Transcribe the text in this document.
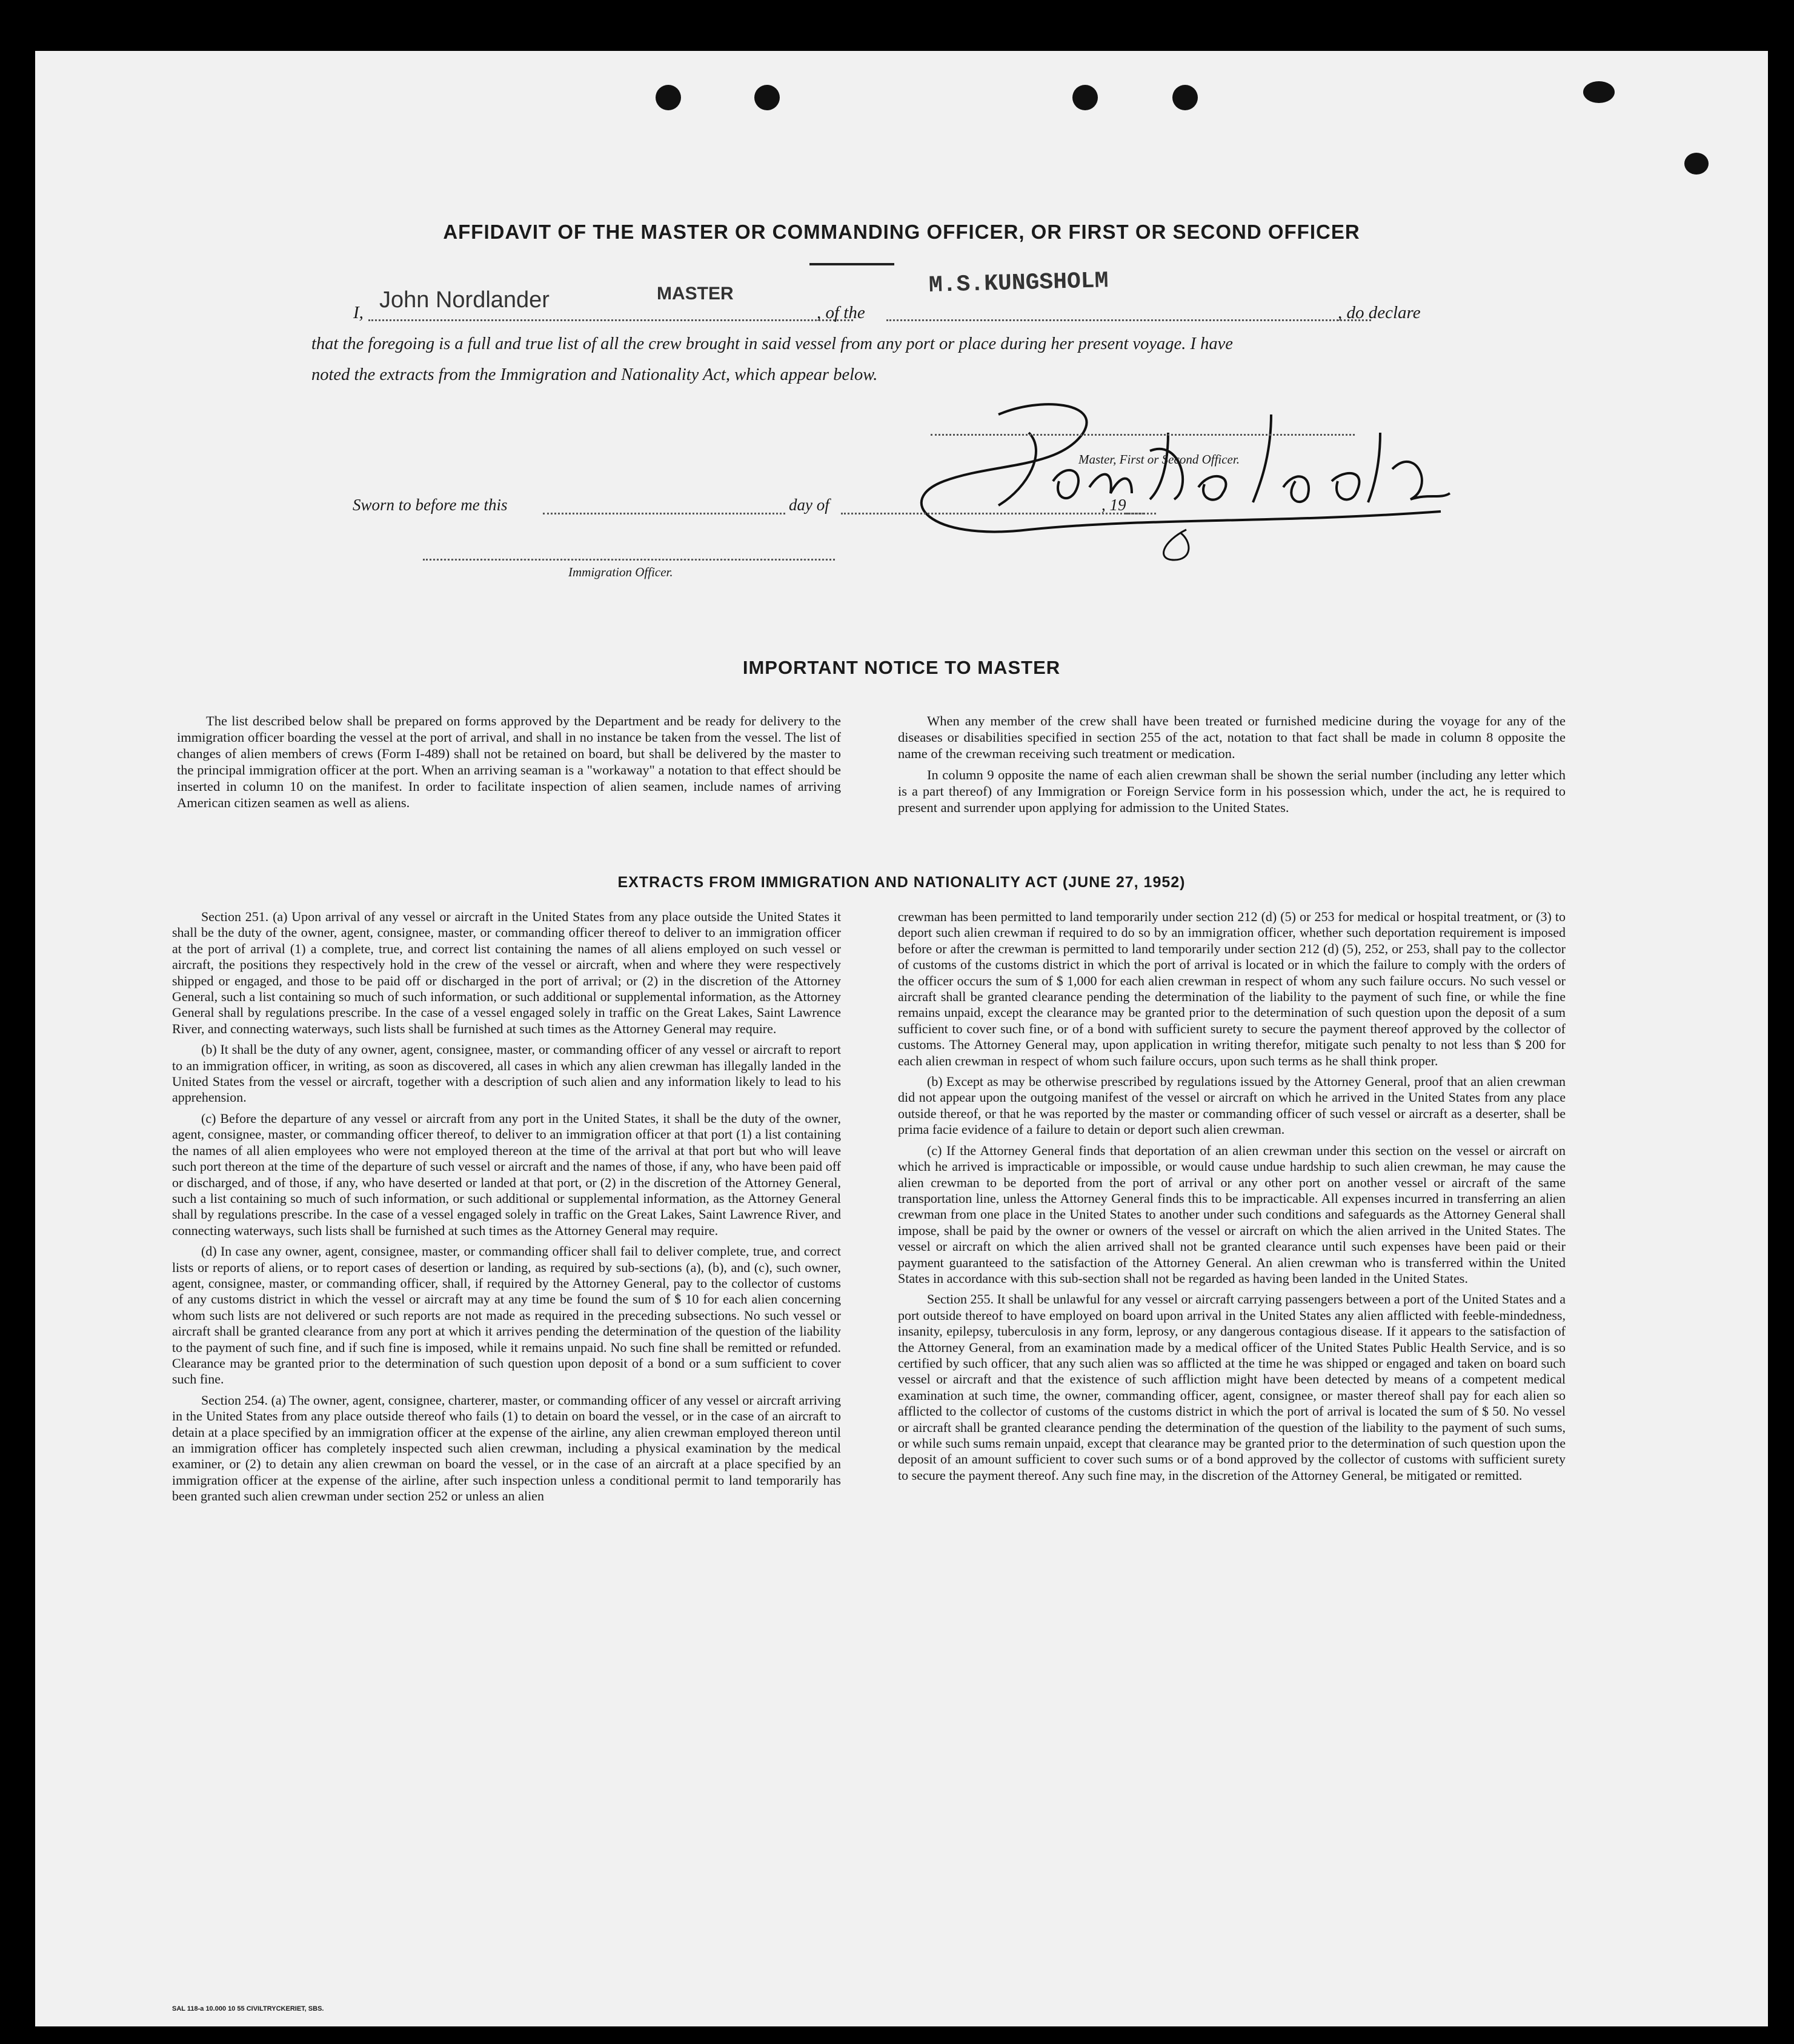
AFFIDAVIT OF THE MASTER OR COMMANDING OFFICER, OR FIRST OR SECOND OFFICER
I, John Nordlander	MASTER
, of the
M.S.KUNGSHOLM
, do declare
that the foregoing is a full and true list of all the crew brought in said vessel from any port or place during her present voyage. I have
noted the extracts from the Immigration and Nationality Act, which appear below.
Master, First or Second Officer.
Sworn to before me this	day of	, 19
Immigration Officer.
IMPORTANT NOTICE TO MASTER

The list described below shall be prepared on forms approved by the Department and be ready for delivery to the immigration officer boarding the vessel at the port of arrival, and shall in no instance be taken from the vessel. The list of changes of alien members of crews (Form I-489) shall not be retained on board, but shall be delivered by the master to the principal immigration officer at the port. When an arriving seaman is a "workaway" a notation to that effect should be inserted in column 10 on the manifest. In order to facilitate inspection of alien seamen, include names of arriving American citizen seamen as well as aliens.

When any member of the crew shall have been treated or furnished medicine during the voyage for any of the diseases or disabilities specified in section 255 of the act, notation to that fact shall be made in column 8 opposite the name of the crewman receiving such treatment or medication.

In column 9 opposite the name of each alien crewman shall be shown the serial number (including any letter which is a part thereof) of any Immigration or Foreign Service form in his possession which, under the act, he is required to present and surrender upon applying for admission to the United States.

EXTRACTS FROM IMMIGRATION AND NATIONALITY ACT (JUNE 27, 1952)

Section 251. (a) Upon arrival of any vessel or aircraft in the United States from any place outside the United States it shall be the duty of the owner, agent, consignee, master, or commanding officer thereof to deliver to an immigration officer at the port of arrival (1) a complete, true, and correct list containing the names of all aliens employed on such vessel or aircraft, the positions they respectively hold in the crew of the vessel or aircraft, when and where they were respectively shipped or engaged, and those to be paid off or discharged in the port of arrival; or (2) in the discretion of the Attorney General, such a list containing so much of such information, or such additional or supplemental information, as the Attorney General shall by regulations prescribe. In the case of a vessel engaged solely in traffic on the Great Lakes, Saint Lawrence River, and connecting waterways, such lists shall be furnished at such times as the Attorney General may require.

(b) It shall be the duty of any owner, agent, consignee, master, or commanding officer of any vessel or aircraft to report to an immigration officer, in writing, as soon as discovered, all cases in which any alien crewman has illegally landed in the United States from the vessel or aircraft, together with a description of such alien and any information likely to lead to his apprehension.

(c) Before the departure of any vessel or aircraft from any port in the United States, it shall be the duty of the owner, agent, consignee, master, or commanding officer thereof, to deliver to an immigration officer at that port (1) a list containing the names of all alien employees who were not employed thereon at the time of the arrival at that port but who will leave such port thereon at the time of the departure of such vessel or aircraft and the names of those, if any, who have been paid off or discharged, and of those, if any, who have deserted or landed at that port, or (2) in the discretion of the Attorney General, such a list containing so much of such information, or such additional or supplemental information, as the Attorney General shall by regulations prescribe. In the case of a vessel engaged solely in traffic on the Great Lakes, Saint Lawrence River, and connecting waterways, such lists shall be furnished at such times as the Attorney General may require.

(d) In case any owner, agent, consignee, master, or commanding officer shall fail to deliver complete, true, and correct lists or reports of aliens, or to report cases of desertion or landing, as required by sub-sections (a), (b), and (c), such owner, agent, consignee, master, or commanding officer, shall, if required by the Attorney General, pay to the collector of customs of any customs district in which the vessel or aircraft may at any time be found the sum of $ 10 for each alien concerning whom such lists are not delivered or such reports are not made as required in the preceding subsections. No such vessel or aircraft shall be granted clearance from any port at which it arrives pending the determination of the question of the liability to the payment of such fine, and if such fine is imposed, while it remains unpaid. No such fine shall be remitted or refunded. Clearance may be granted prior to the determination of such question upon deposit of a bond or a sum sufficient to cover such fine.

Section 254. (a) The owner, agent, consignee, charterer, master, or commanding officer of any vessel or aircraft arriving in the United States from any place outside thereof who fails (1) to detain on board the vessel, or in the case of an aircraft to detain at a place specified by an immigration officer at the expense of the airline, any alien crewman employed thereon until an immigration officer has completely inspected such alien crewman, including a physical examination by the medical examiner, or (2) to detain any alien crewman on board the vessel, or in the case of an aircraft at a place specified by an immigration officer at the expense of the airline, after such inspection unless a conditional permit to land temporarily has been granted such alien crewman under section 252 or unless an alien

crewman has been permitted to land temporarily under section 212 (d) (5) or 253 for medical or hospital treatment, or (3) to deport such alien crewman if required to do so by an immigration officer, whether such deportation requirement is imposed before or after the crewman is permitted to land temporarily under section 212 (d) (5), 252, or 253, shall pay to the collector of customs of the customs district in which the port of arrival is located or in which the failure to comply with the orders of the officer occurs the sum of $ 1,000 for each alien crewman in respect of whom any such failure occurs. No such vessel or aircraft shall be granted clearance pending the determination of the liability to the payment of such fine, or while the fine remains unpaid, except the clearance may be granted prior to the determination of such question upon the deposit of a sum sufficient to cover such fine, or of a bond with sufficient surety to secure the payment thereof approved by the collector of customs. The Attorney General may, upon application in writing therefor, mitigate such penalty to not less than $ 200 for each alien crewman in respect of whom such failure occurs, upon such terms as he shall think proper.

(b) Except as may be otherwise prescribed by regulations issued by the Attorney General, proof that an alien crewman did not appear upon the outgoing manifest of the vessel or aircraft on which he arrived in the United States from any place outside thereof, or that he was reported by the master or commanding officer of such vessel or aircraft as a deserter, shall be prima facie evidence of a failure to detain or deport such alien crewman.

(c) If the Attorney General finds that deportation of an alien crewman under this section on the vessel or aircraft on which he arrived is impracticable or impossible, or would cause undue hardship to such alien crewman, he may cause the alien crewman to be deported from the port of arrival or any other port on another vessel or aircraft of the same transportation line, unless the Attorney General finds this to be impracticable. All expenses incurred in transferring an alien crewman from one place in the United States to another under such conditions and safeguards as the Attorney General shall impose, shall be paid by the owner or owners of the vessel or aircraft on which the alien arrived in the United States. The vessel or aircraft on which the alien arrived shall not be granted clearance until such expenses have been paid or their payment guaranteed to the satisfaction of the Attorney General. An alien crewman who is transferred within the United States in accordance with this sub-section shall not be regarded as having been landed in the United States.

Section 255. It shall be unlawful for any vessel or aircraft carrying passengers between a port of the United States and a port outside thereof to have employed on board upon arrival in the United States any alien afflicted with feeble-mindedness, insanity, epilepsy, tuberculosis in any form, leprosy, or any dangerous contagious disease. If it appears to the satisfaction of the Attorney General, from an examination made by a medical officer of the United States Public Health Service, and is so certified by such officer, that any such alien was so afflicted at the time he was shipped or engaged and taken on board such vessel or aircraft and that the existence of such affliction might have been detected by means of a competent medical examination at such time, the owner, commanding officer, agent, consignee, or master thereof shall pay for each alien so afflicted to the collector of customs of the customs district in which the port of arrival is located the sum of $ 50. No vessel or aircraft shall be granted clearance pending the determination of the question of the liability to the payment of such sums, or while such sums remain unpaid, except that clearance may be granted prior to the determination of such question upon the deposit of an amount sufficient to cover such sums or of a bond approved by the collector of customs with sufficient surety to secure the payment thereof. Any such fine may, in the discretion of the Attorney General, be mitigated or remitted.

SAL 118-a 10.000 10 55 CIVILTRYCKERIET, SBS.
